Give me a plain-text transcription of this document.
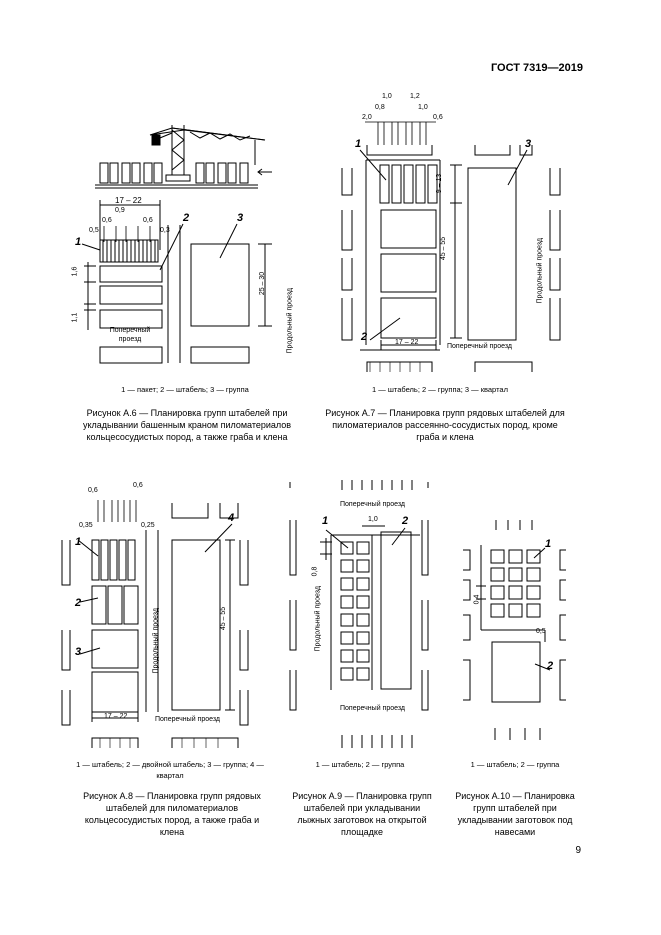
ГОСТ 7319—2019
17 – 22
0,9
0,6	0,6
0,5	0,3
1,6
1,1
25 – 30
1
2	3
Поперечный проезд	Продольный проезд
1,0	1,2
0,8	1,0
2,0	0,6
9 – 13
45 – 55
17 – 22
1
2
3
Поперечный проезд
Продольный проезд
0,6
0,6
0,35	0,25
45 – 55
17 – 22
1
2
3
4
Поперечный проезд
Продольный проезд
Поперечный проезд
Поперечный проезд
Продольный проезд
1,0
0,8
1	2
0,4
0,5
1
2
1 — пакет; 2 — штабель; 3 — группа
Рисунок А.6 — Планировка групп штабелей при укладывании башенным краном пиломатериалов кольцесосудистых пород, а также граба и клена
1 — штабель; 2 — группа; 3 — квартал
Рисунок А.7 — Планировка групп рядовых штабелей для пиломатериалов рассеянно-сосудистых пород, кроме граба и клена
1 — штабель; 2 — двойной штабель; 3 — группа; 4 — квартал
Рисунок А.8 — Планировка групп рядовых штабелей для пиломатериалов кольцесосудистых пород, а также граба и клена
1 — штабель; 2 — группа
Рисунок А.9 — Планировка групп штабелей при укладывании лыжных заготовок на открытой площадке
1 — штабель; 2 — группа
Рисунок А.10 — Планировка групп штабелей при укладывании заготовок под навесами
9
